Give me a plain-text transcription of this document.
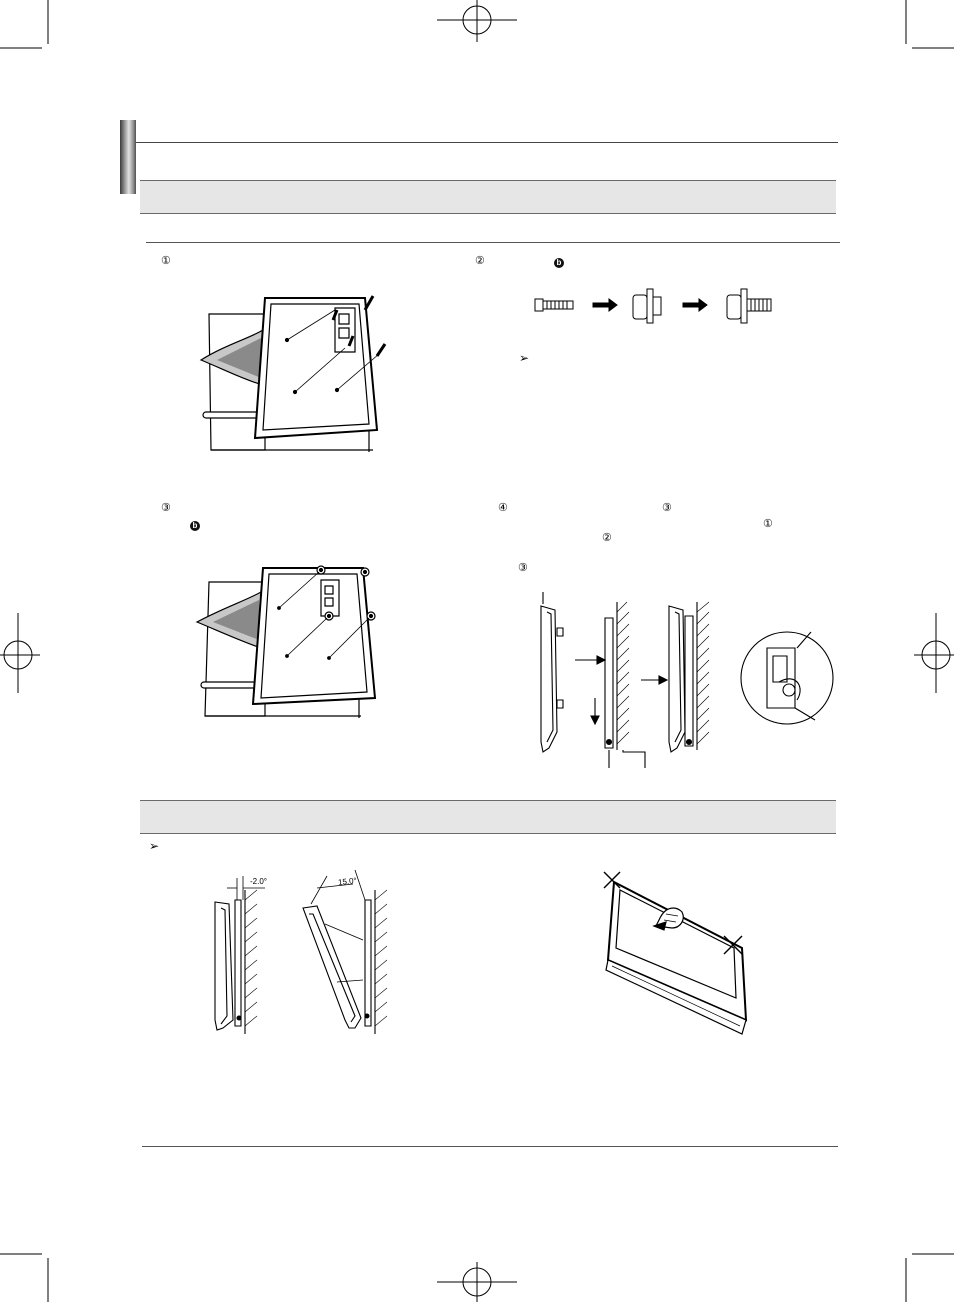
①	②	b
➢
③
b
④	③
①
②
③
➢
-2.0°	15.0°
